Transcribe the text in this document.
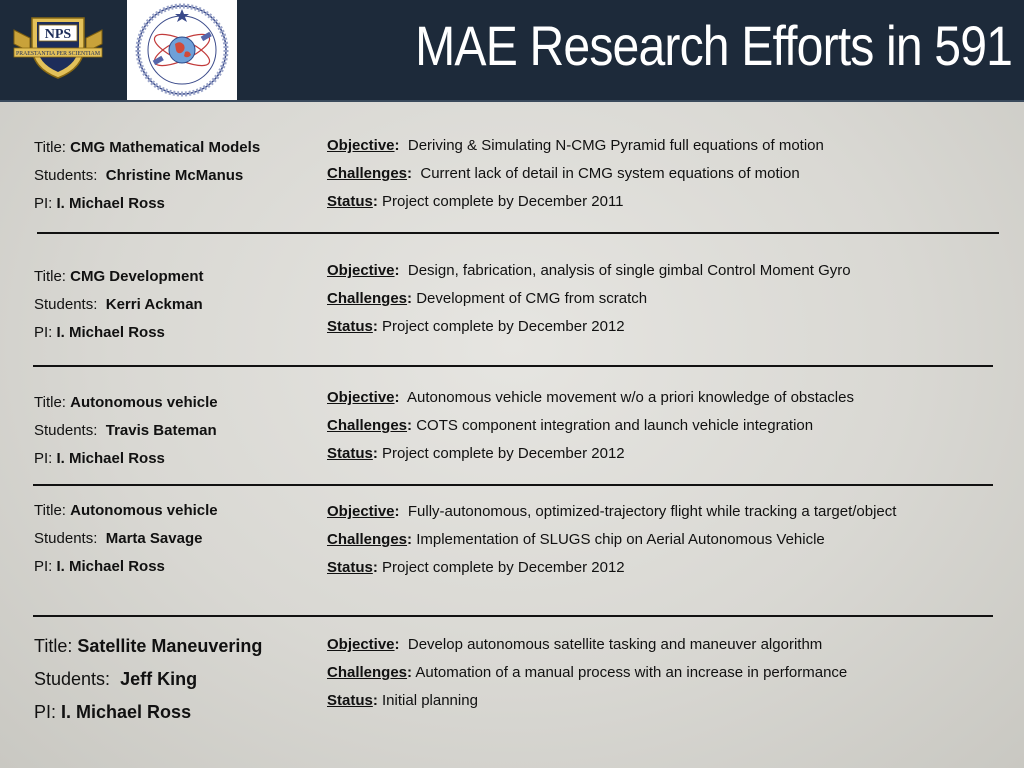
NPS
PRAESTANTIA PER SCIENTIAM	MAE Research Efforts in 591
Title: CMG Mathematical Models
Students: Christine McManus
PI: I. Michael Ross
Objective: Deriving & Simulating N-CMG Pyramid full equations of motion
Challenges: Current lack of detail in CMG system equations of motion
Status: Project complete by December 2011
Title: CMG Development
Students: Kerri Ackman
PI: I. Michael Ross
Objective: Design, fabrication, analysis of single gimbal Control Moment Gyro
Challenges: Development of CMG from scratch
Status: Project complete by December 2012
Title: Autonomous vehicle
Students: Travis Bateman
PI: I. Michael Ross
Objective: Autonomous vehicle movement w/o a priori knowledge of obstacles
Challenges: COTS component integration and launch vehicle integration
Status: Project complete by December 2012
Title: Autonomous vehicle
Students: Marta Savage
PI: I. Michael Ross
Objective: Fully-autonomous, optimized-trajectory flight while tracking a target/object
Challenges: Implementation of SLUGS chip on Aerial Autonomous Vehicle
Status: Project complete by December 2012
Title: Satellite Maneuvering
Students: Jeff King
PI: I. Michael Ross
Objective: Develop autonomous satellite tasking and maneuver algorithm
Challenges: Automation of a manual process with an increase in performance
Status: Initial planning
